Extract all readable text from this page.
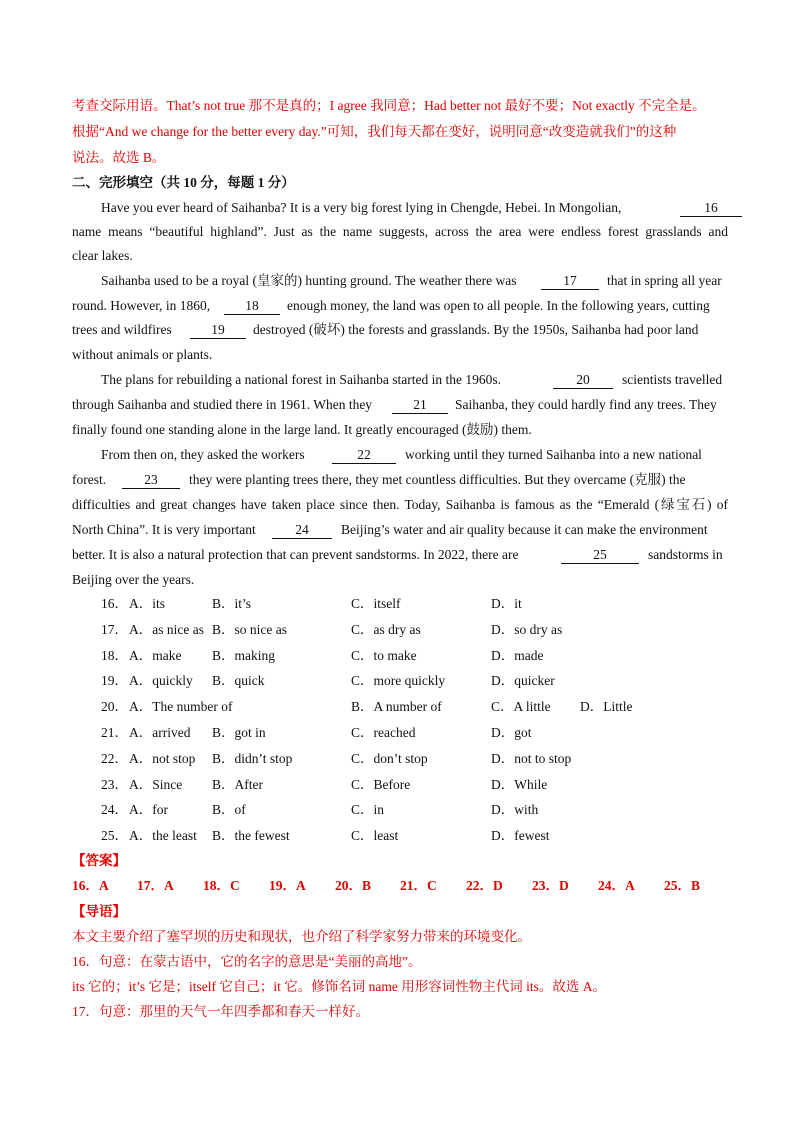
考查交际用语。That’s not true 那不是真的；I agree 我同意；Had better not 最好不要；Not exactly 不完全是。
根据“And we change for the better every day.”可知，我们每天都在变好，说明同意“改变造就我们”的这种
说法。故选 B。
二、完形填空（共 10 分，每题 1 分）
Have you ever heard of Saihanba? It is a very big forest lying in Chengde, Hebei. In Mongolian,	16
name means “beautiful highland”. Just as the name suggests, across the area were endless forest grasslands and
clear lakes.
Saihanba used to be a royal (皇家的) hunting ground. The weather there was	17	that in spring all year
round. However, in 1860,	18	enough money, the land was open to all people. In the following years, cutting
trees and wildfires	19	destroyed (破坏) the forests and grasslands. By the 1950s, Saihanba had poor land
without animals or plants.
The plans for rebuilding a national forest in Saihanba started in the 1960s.	20	scientists travelled
through Saihanba and studied there in 1961. When they	21	Saihanba, they could hardly find any trees. They
finally found one standing alone in the large land. It greatly encouraged (鼓励) them.
From then on, they asked the workers	22	working until they turned Saihanba into a new national
forest.	23	they were planting trees there, they met countless difficulties. But they overcame (克服) the
difficulties and great changes have taken place since then. Today, Saihanba is famous as the “Emerald (绿宝石) of
North China”. It is very important	24	Beijing’s water and air quality because it can make the environment
better. It is also a natural protection that can prevent sandstorms. In 2022, there are	25	sandstorms in
Beijing over the years.
16． A．its	B．it’s	C．itself	D．it
17． A．as nice as B．so nice as	C．as dry as	D．so dry as
18． A．make B．making	C．to make	D．made
19． A．quickly B．quick	C．more quickly	D．quicker
20． A．The number of	B．A number of	C．A little D．Little
21． A．arrived B．got in	C．reached	D．got
22． A．not stop B．didn’t stop	C．don’t stop	D．not to stop
23． A．Since B．After	C．Before	D．While
24． A．for	B．of	C．in	D．with
25． A．the least B．the fewest	C．least	D．fewest
【答案】
16．A 17．A 18．C 19．A 20．B 21．C 22．D 23．D 24．A 25．B
【导语】
本文主要介绍了塞罕坝的历史和现状，也介绍了科学家努力带来的环境变化。
16．句意：在蒙古语中，它的名字的意思是“美丽的高地”。
its 它的；it’s 它是；itself 它自己；it 它。修饰名词 name 用形容词性物主代词 its。故选 A。
17．句意：那里的天气一年四季都和春天一样好。
